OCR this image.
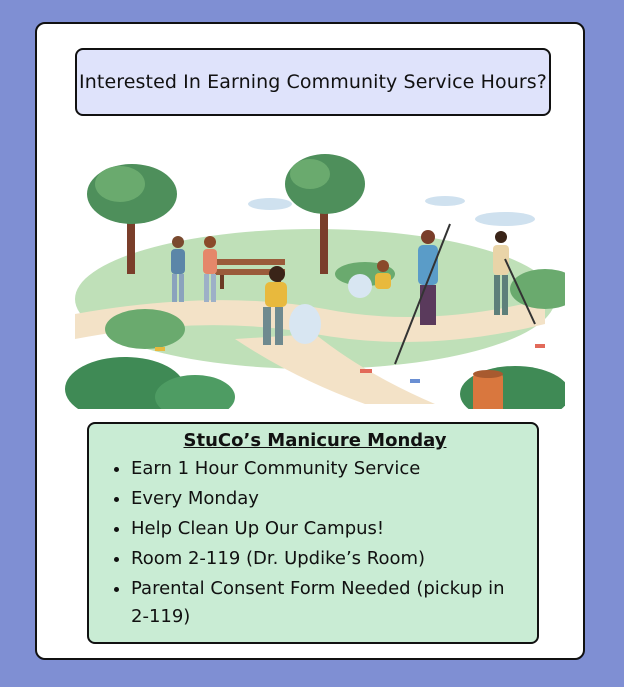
Interested In Earning Community Service Hours?
StuCo’s Manicure Monday
• Earn 1 Hour Community Service
• Every Monday
• Help Clean Up Our Campus!
• Room 2-119 (Dr. Updike’s Room)
• Parental Consent Form Needed (pickup in 2-119)
